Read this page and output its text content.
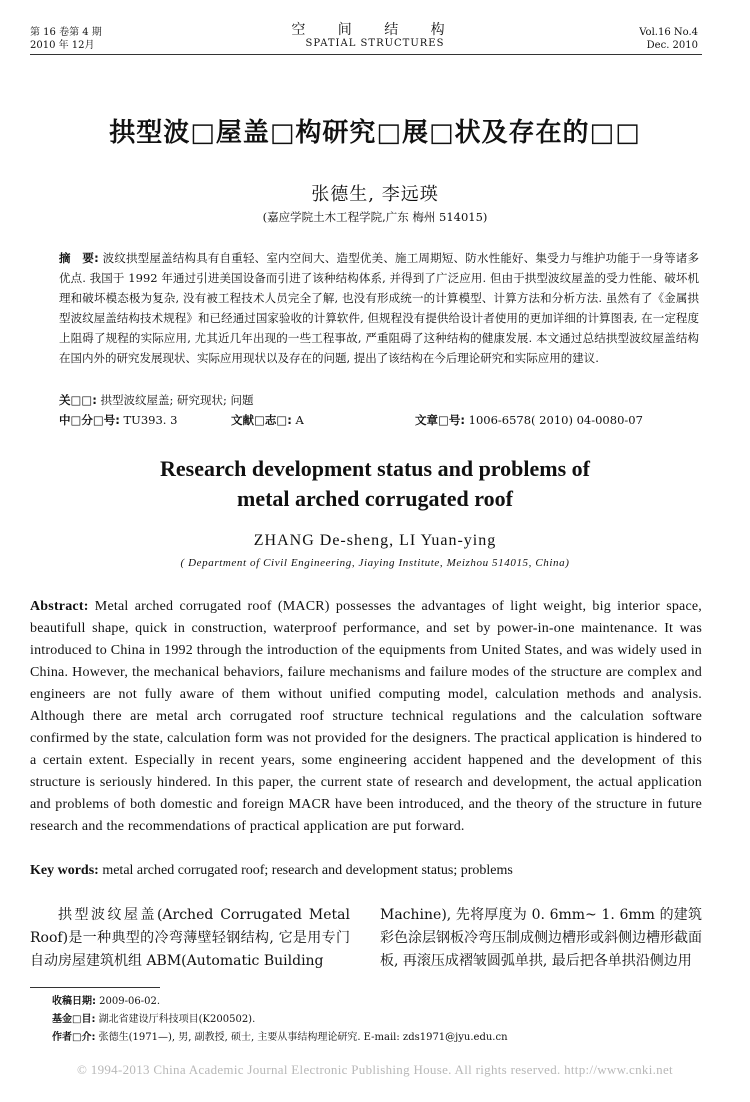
第 16 卷第 4 期
2010 年 12月
空 间 结 构
SPATIAL STRUCTURES
Vol.16 No.4
Dec. 2010
拱型波□屋盖□构研究□展□状及存在的□□
张德生, 李远瑛
(嘉应学院土木工程学院,广东 梅州 514015)
摘　要: 波纹拱型屋盖结构具有自重轻、室内空间大、造型优美、施工周期短、防水性能好、集受力与维护功能于一身等诸多优点. 我国于 1992 年通过引进美国设备而引进了该种结构体系, 并得到了广泛应用. 但由于拱型波纹屋盖的受力性能、破坏机理和破坏模态极为复杂, 没有被工程技术人员完全了解, 也没有形成统一的计算模型、计算方法和分析方法. 虽然有了《金属拱型波纹屋盖结构技术规程》和已经通过国家验收的计算软件, 但规程没有提供给设计者使用的更加详细的计算图表, 在一定程度上阻碍了规程的实际应用, 尤其近几年出现的一些工程事故, 严重阻碍了这种结构的健康发展. 本文通过总结拱型波纹屋盖结构在国内外的研究发展现状、实际应用现状以及存在的问题, 提出了该结构在今后理论研究和实际应用的建议.
关□□: 拱型波纹屋盖; 研究现状; 问题
中□分□号: TU393. 3	文献□志□: A	文章□号: 1006-6578( 2010) 04-0080-07
Research development status and problems of
metal arched corrugated roof
ZHANG De-sheng, LI Yuan-ying
( Department of Civil Engineering, Jiaying Institute, Meizhou 514015, China)
Abstract: Metal arched corrugated roof (MACR) possesses the advantages of light weight, big interior space, beautifull shape, quick in construction, waterproof performance, and set by power-in-one maintenance. It was introduced to China in 1992 through the introduction of the equipments from United States, and was widely used in China. However, the mechanical behaviors, failure mechanisms and failure modes of the structure are complex and engineers are not fully aware of them without unified computing model, calculation methods and analysis. Although there are metal arch corrugated roof structure technical regulations and the calculation software confirmed by the state, calculation form was not provided for the designers. The practical application is hindered to a certain extent. Especially in recent years, some engineering accident happened and the development of this structure is seriously hindered. In this paper, the current state of research and development, the actual application and problems of both domestic and foreign MACR have been introduced, and the theory of the structure in future research and the recommendations of practical application are put forward.
Key words: metal arched corrugated roof; research and development status; problems
拱型波纹屋盖(Arched Corrugated Metal Roof)是一种典型的冷弯薄壁轻钢结构, 它是用专门自动房屋建筑机组 ABM(Automatic Building
Machine), 先将厚度为 0. 6mm~ 1. 6mm 的建筑彩色涂层钢板冷弯压制成侧边槽形或斜侧边槽形截面板, 再滚压成褶皱圆弧单拱, 最后把各单拱沿侧边用
收稿日期: 2009-06-02.
基金□目: 湖北省建设厅科技项目(K200502).
作者□介: 张德生(1971—), 男, 副教授, 硕士, 主要从事结构理论研究. E-mail: zds1971@jyu.edu.cn
© 1994-2013 China Academic Journal Electronic Publishing House. All rights reserved. http://www.cnki.net
